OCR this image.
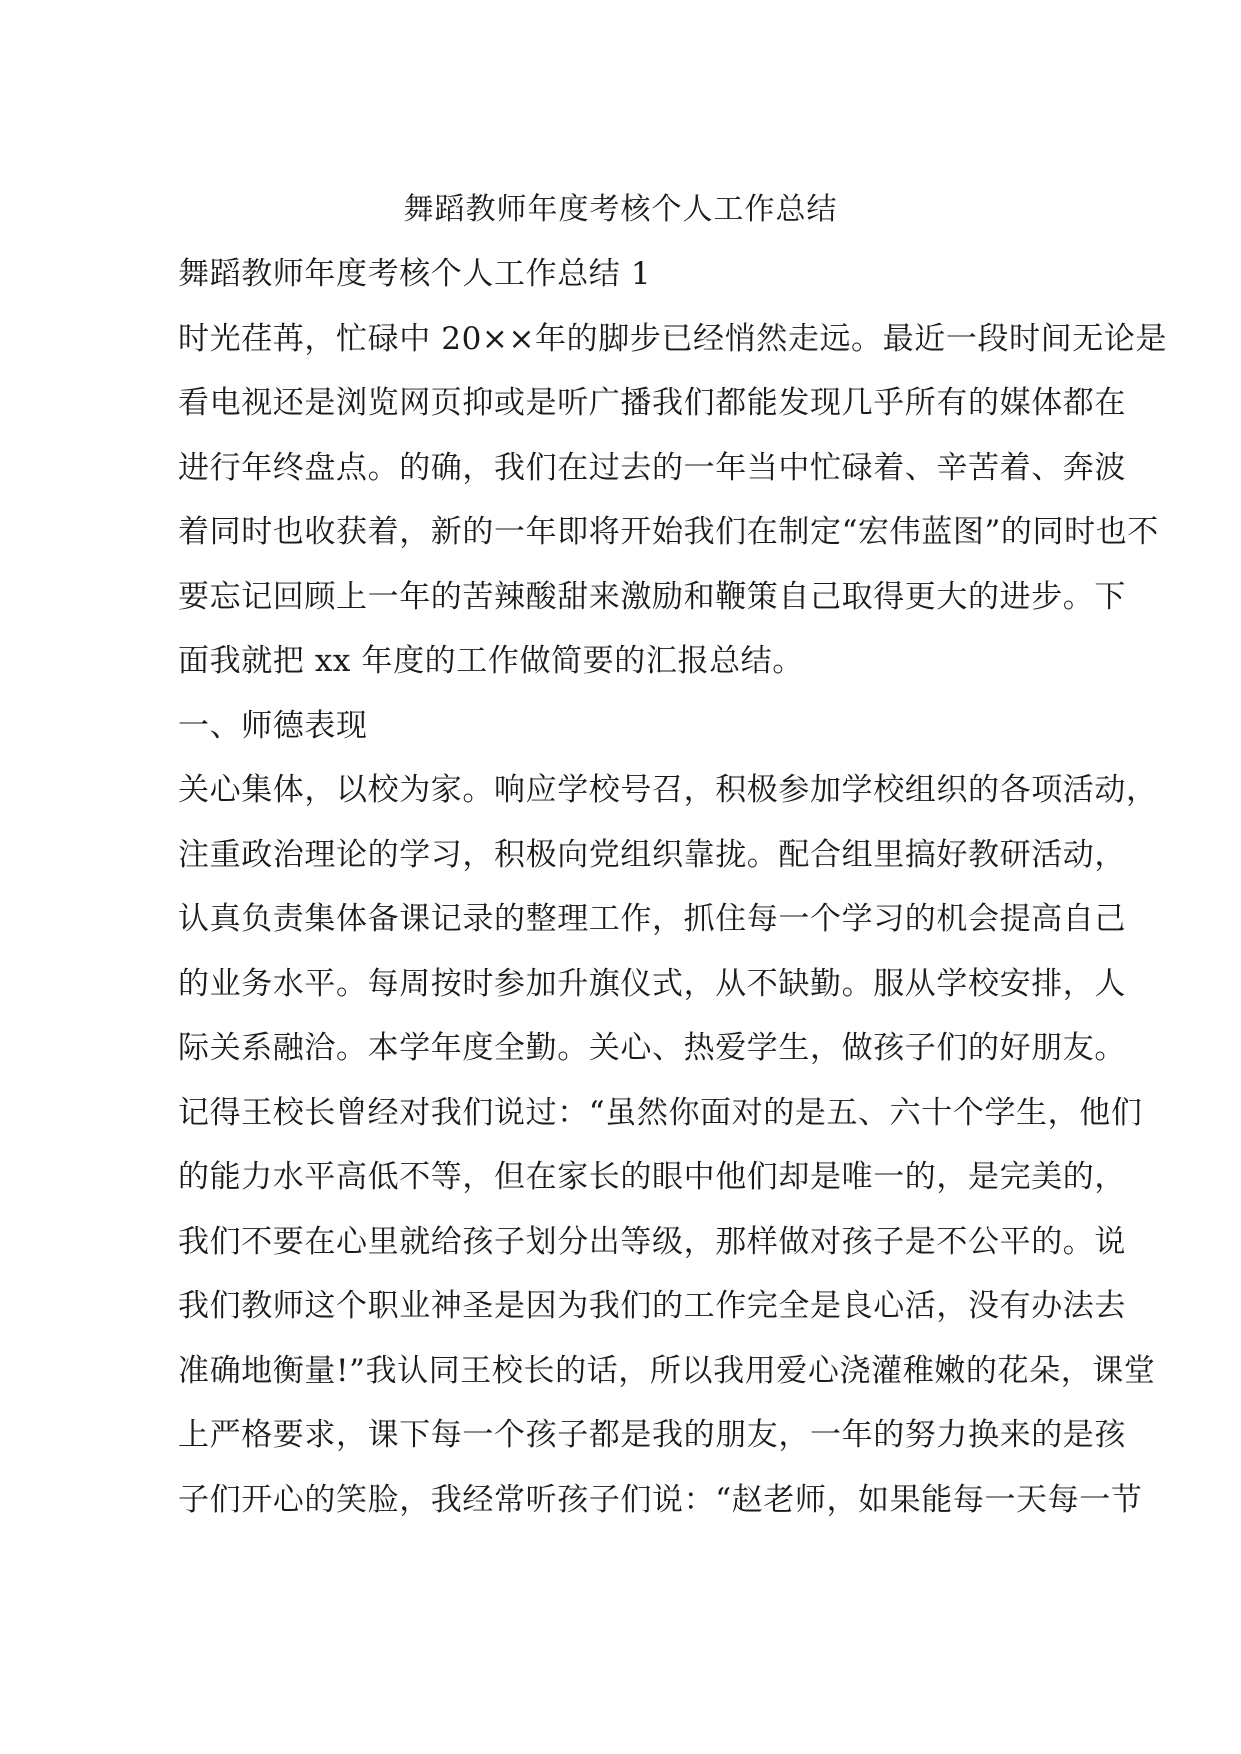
舞蹈教师年度考核个人工作总结
舞蹈教师年度考核个人工作总结 1
时光荏苒，忙碌中 20××年的脚步已经悄然走远。最近一段时间无论是
看电视还是浏览网页抑或是听广播我们都能发现几乎所有的媒体都在
进行年终盘点。的确，我们在过去的一年当中忙碌着、辛苦着、奔波
着同时也收获着，新的一年即将开始我们在制定“宏伟蓝图”的同时也不
要忘记回顾上一年的苦辣酸甜来激励和鞭策自己取得更大的进步。下
面我就把 xx 年度的工作做简要的汇报总结。
一、师德表现
关心集体，以校为家。响应学校号召，积极参加学校组织的各项活动，
注重政治理论的学习，积极向党组织靠拢。配合组里搞好教研活动，
认真负责集体备课记录的整理工作，抓住每一个学习的机会提高自己
的业务水平。每周按时参加升旗仪式，从不缺勤。服从学校安排，人
际关系融洽。本学年度全勤。关心、热爱学生，做孩子们的好朋友。
记得王校长曾经对我们说过：“虽然你面对的是五、六十个学生，他们
的能力水平高低不等，但在家长的眼中他们却是唯一的，是完美的，
我们不要在心里就给孩子划分出等级，那样做对孩子是不公平的。说
我们教师这个职业神圣是因为我们的工作完全是良心活，没有办法去
准确地衡量!”我认同王校长的话，所以我用爱心浇灌稚嫩的花朵，课堂
上严格要求，课下每一个孩子都是我的朋友，一年的努力换来的是孩
子们开心的笑脸，我经常听孩子们说：“赵老师，如果能每一天每一节
